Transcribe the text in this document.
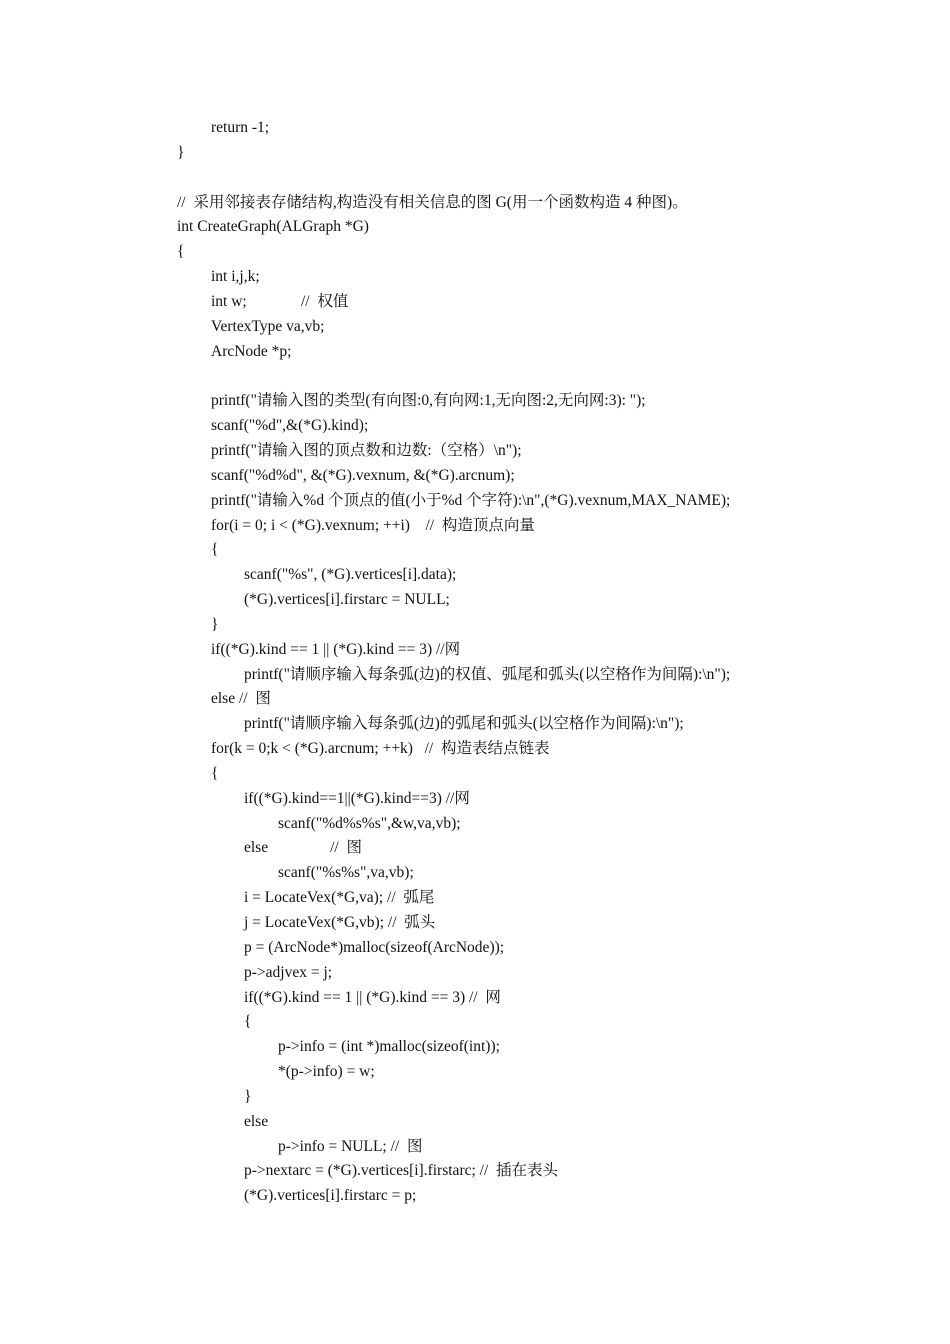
return -1;
}
//  采用邻接表存储结构,构造没有相关信息的图 G(用一个函数构造 4 种图)。
int CreateGraph(ALGraph *G)
{
int i,j,k;
int w;              //  权值
VertexType va,vb;
ArcNode *p;
printf("请输入图的类型(有向图:0,有向网:1,无向图:2,无向网:3): ");
scanf("%d",&(*G).kind);
printf("请输入图的顶点数和边数:（空格）\n");
scanf("%d%d", &(*G).vexnum, &(*G).arcnum);
printf("请输入%d 个顶点的值(小于%d 个字符):\n",(*G).vexnum,MAX_NAME);
for(i = 0; i < (*G).vexnum; ++i)    //  构造顶点向量
{
scanf("%s", (*G).vertices[i].data);
(*G).vertices[i].firstarc = NULL;
}
if((*G).kind == 1 || (*G).kind == 3) //网
printf("请顺序输入每条弧(边)的权值、弧尾和弧头(以空格作为间隔):\n");
else //  图
printf("请顺序输入每条弧(边)的弧尾和弧头(以空格作为间隔):\n");
for(k = 0;k < (*G).arcnum; ++k)   //  构造表结点链表
{
if((*G).kind==1||(*G).kind==3) //网
scanf("%d%s%s",&w,va,vb);
else                //  图
scanf("%s%s",va,vb);
i = LocateVex(*G,va); //  弧尾
j = LocateVex(*G,vb); //  弧头
p = (ArcNode*)malloc(sizeof(ArcNode));
p->adjvex = j;
if((*G).kind == 1 || (*G).kind == 3) //  网
{
p->info = (int *)malloc(sizeof(int));
*(p->info) = w;
}
else
p->info = NULL; //  图
p->nextarc = (*G).vertices[i].firstarc; //  插在表头
(*G).vertices[i].firstarc = p;
